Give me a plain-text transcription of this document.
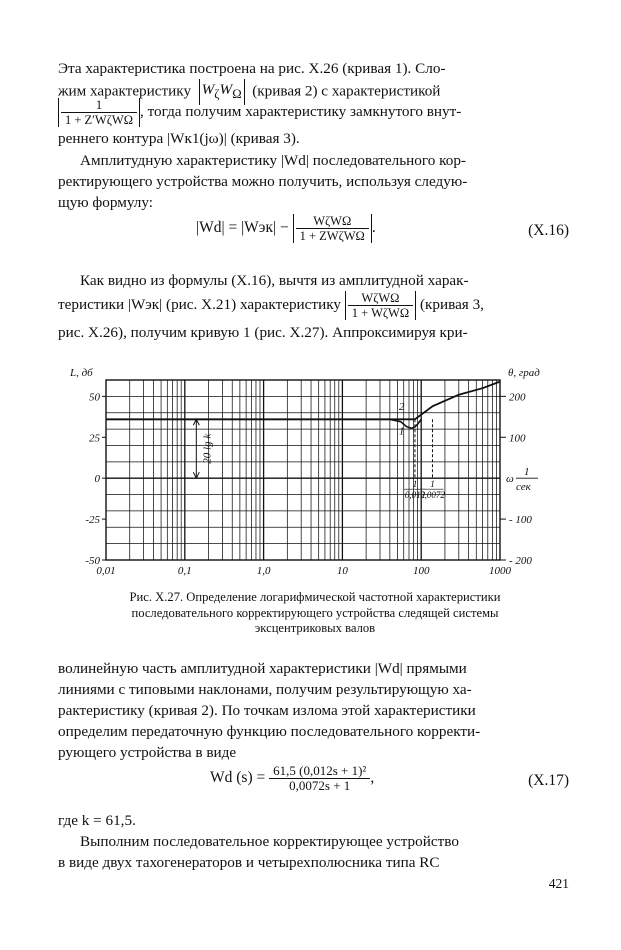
Эта характеристика построена на рис. X.26 (кривая 1). Сло-
жим характеристику $W_\zeta W_\Omega$ (кривая 2) с характеристикой
$\frac{1}{\text{1 + Z′WζWΩ}}$ , тогда получим характеристику замкнутого внут-
реннего контура |Wк1(jω)| (кривая 3).
Амплитудную характеристику |Wd| последовательного кор-
ректирующего устройства можно получить, используя следую-
щую формулу:
$|Wd| = |Wэк| - \frac{\text{WζWΩ}}{\text{1 + ZWζWΩ}}$ .	(X.16)
Как видно из формулы (X.16), вычтя из амплитудной харак-
теристики |Wэк| (рис. X.21) характеристику $\frac{\text{WζWΩ}}{\text{1 + WζWΩ}}$ (кривая 3,
рис. X.26), получим кривую 1 (рис. X.27). Аппроксимируя кри-
50
25
0
-25
-50
L, дб
200
100
- 100
- 200
θ, град
0,01	0,1	1,0	10	100	1000
ω
1
сек
20 lg k
1
0,012
1
0,0072
2
1
Рис. X.27. Определение логарифмической частотной характеристики
последовательного корректирующего устройства следящей системы
эксцентриковых валов
волинейную часть амплитудной характеристики |Wd| прямыми
линиями с типовыми наклонами, получим результирующую ха-
рактеристику (кривая 2). По точкам излома этой характеристики
определим передаточную функцию последовательного корректи-
рующего устройства в виде
Wd $(s) = \frac{\text{61,5 (0,012s + 1)²}}{0,0072s + 1}$ ,	(X.17)
где k = 61,5.
Выполним последовательное корректирующее устройство
в виде двух тахогенераторов и четырехполюсника типа RC
421
